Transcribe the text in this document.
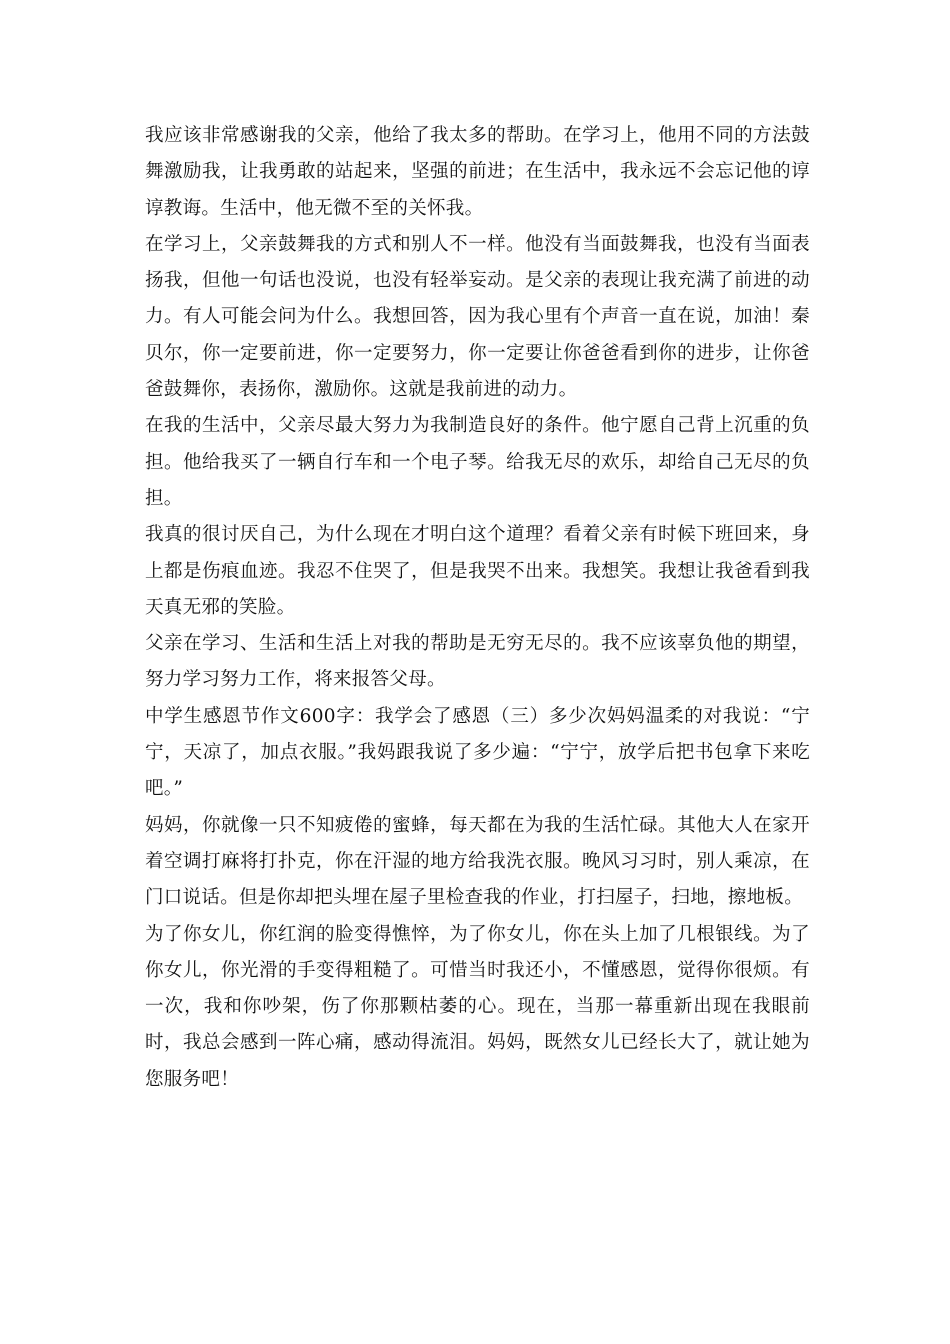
我应该非常感谢我的父亲，他给了我太多的帮助。在学习上，他用不同的方法鼓舞激励我，让我勇敢的站起来，坚强的前进；在生活中，我永远不会忘记他的谆谆教诲。生活中，他无微不至的关怀我。

在学习上，父亲鼓舞我的方式和别人不一样。他没有当面鼓舞我，也没有当面表扬我，但他一句话也没说，也没有轻举妄动。是父亲的表现让我充满了前进的动力。有人可能会问为什么。我想回答，因为我心里有个声音一直在说，加油！秦贝尔，你一定要前进，你一定要努力，你一定要让你爸爸看到你的进步，让你爸爸鼓舞你，表扬你，激励你。这就是我前进的动力。

在我的生活中，父亲尽最大努力为我制造良好的条件。他宁愿自己背上沉重的负担。他给我买了一辆自行车和一个电子琴。给我无尽的欢乐，却给自己无尽的负担。

我真的很讨厌自己，为什么现在才明白这个道理？看着父亲有时候下班回来，身上都是伤痕血迹。我忍不住哭了，但是我哭不出来。我想笑。我想让我爸看到我天真无邪的笑脸。

父亲在学习、生活和生活上对我的帮助是无穷无尽的。我不应该辜负他的期望，努力学习努力工作，将来报答父母。

中学生感恩节作文600字：我学会了感恩（三）多少次妈妈温柔的对我说：“宁宁，天凉了，加点衣服。”我妈跟我说了多少遍：“宁宁，放学后把书包拿下来吃吧。”

妈妈，你就像一只不知疲倦的蜜蜂，每天都在为我的生活忙碌。其他大人在家开着空调打麻将打扑克，你在汗湿的地方给我洗衣服。晚风习习时，别人乘凉，在门口说话。但是你却把头埋在屋子里检查我的作业，打扫屋子，扫地，擦地板。

为了你女儿，你红润的脸变得憔悴，为了你女儿，你在头上加了几根银线。为了你女儿，你光滑的手变得粗糙了。可惜当时我还小，不懂感恩，觉得你很烦。有一次，我和你吵架，伤了你那颗枯萎的心。现在，当那一幕重新出现在我眼前时，我总会感到一阵心痛，感动得流泪。妈妈，既然女儿已经长大了，就让她为您服务吧！
